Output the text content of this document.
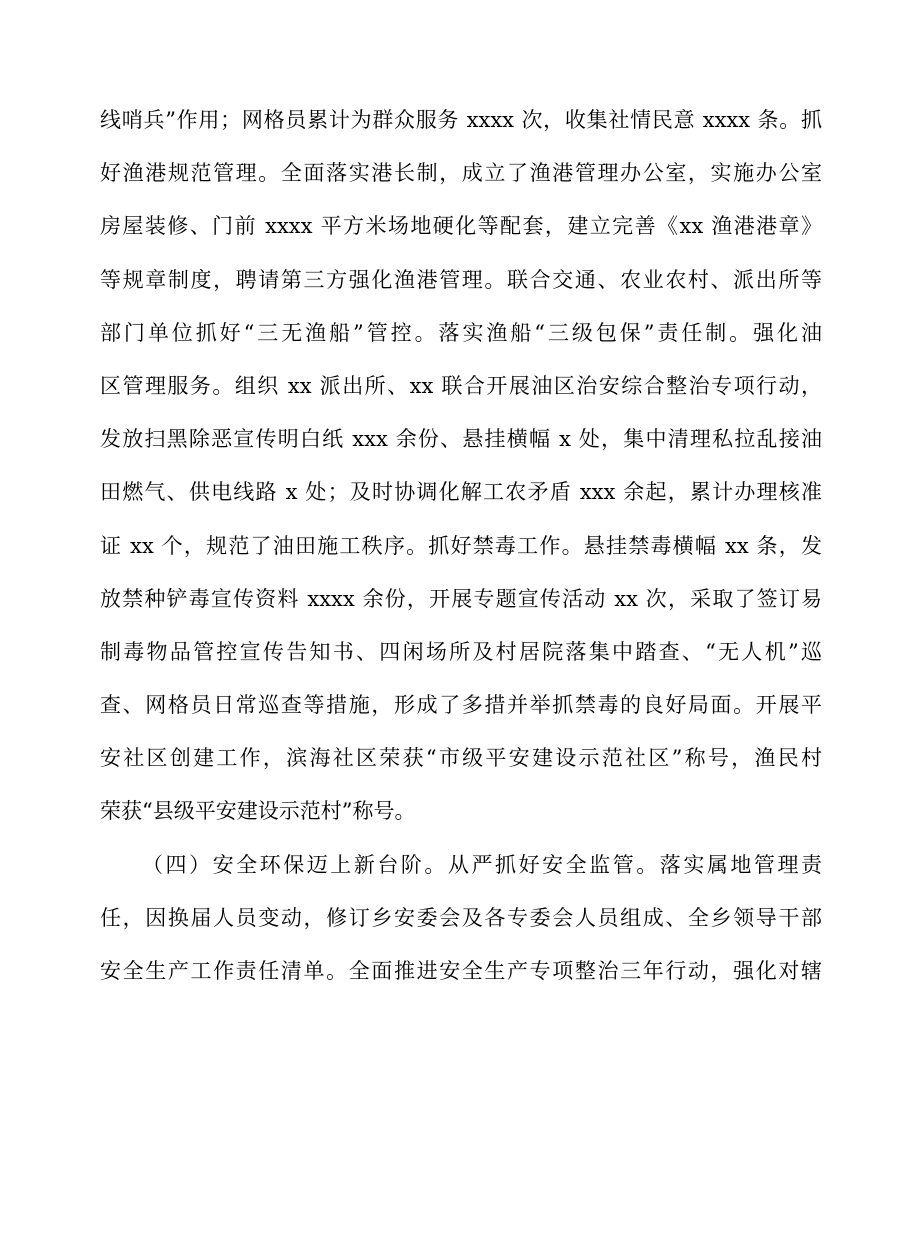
线哨兵”作用；网格员累计为群众服务 xxxx 次，收集社情民意 xxxx 条。抓
好渔港规范管理。全面落实港长制，成立了渔港管理办公室，实施办公室
房屋装修、门前 xxxx 平方米场地硬化等配套，建立完善《xx 渔港港章》
等规章制度，聘请第三方强化渔港管理。联合交通、农业农村、派出所等
部门单位抓好“三无渔船”管控。落实渔船“三级包保”责任制。强化油
区管理服务。组织 xx 派出所、xx 联合开展油区治安综合整治专项行动，
发放扫黑除恶宣传明白纸 xxx 余份、悬挂横幅 x 处，集中清理私拉乱接油
田燃气、供电线路 x 处；及时协调化解工农矛盾 xxx 余起，累计办理核准
证 xx 个，规范了油田施工秩序。抓好禁毒工作。悬挂禁毒横幅 xx 条，发
放禁种铲毒宣传资料 xxxx 余份，开展专题宣传活动 xx 次，采取了签订易
制毒物品管控宣传告知书、四闲场所及村居院落集中踏查、“无人机”巡
查、网格员日常巡查等措施，形成了多措并举抓禁毒的良好局面。开展平
安社区创建工作，滨海社区荣获“市级平安建设示范社区”称号，渔民村
荣获“县级平安建设示范村”称号。
（四）安全环保迈上新台阶。从严抓好安全监管。落实属地管理责
任，因换届人员变动，修订乡安委会及各专委会人员组成、全乡领导干部
安全生产工作责任清单。全面推进安全生产专项整治三年行动，强化对辖
